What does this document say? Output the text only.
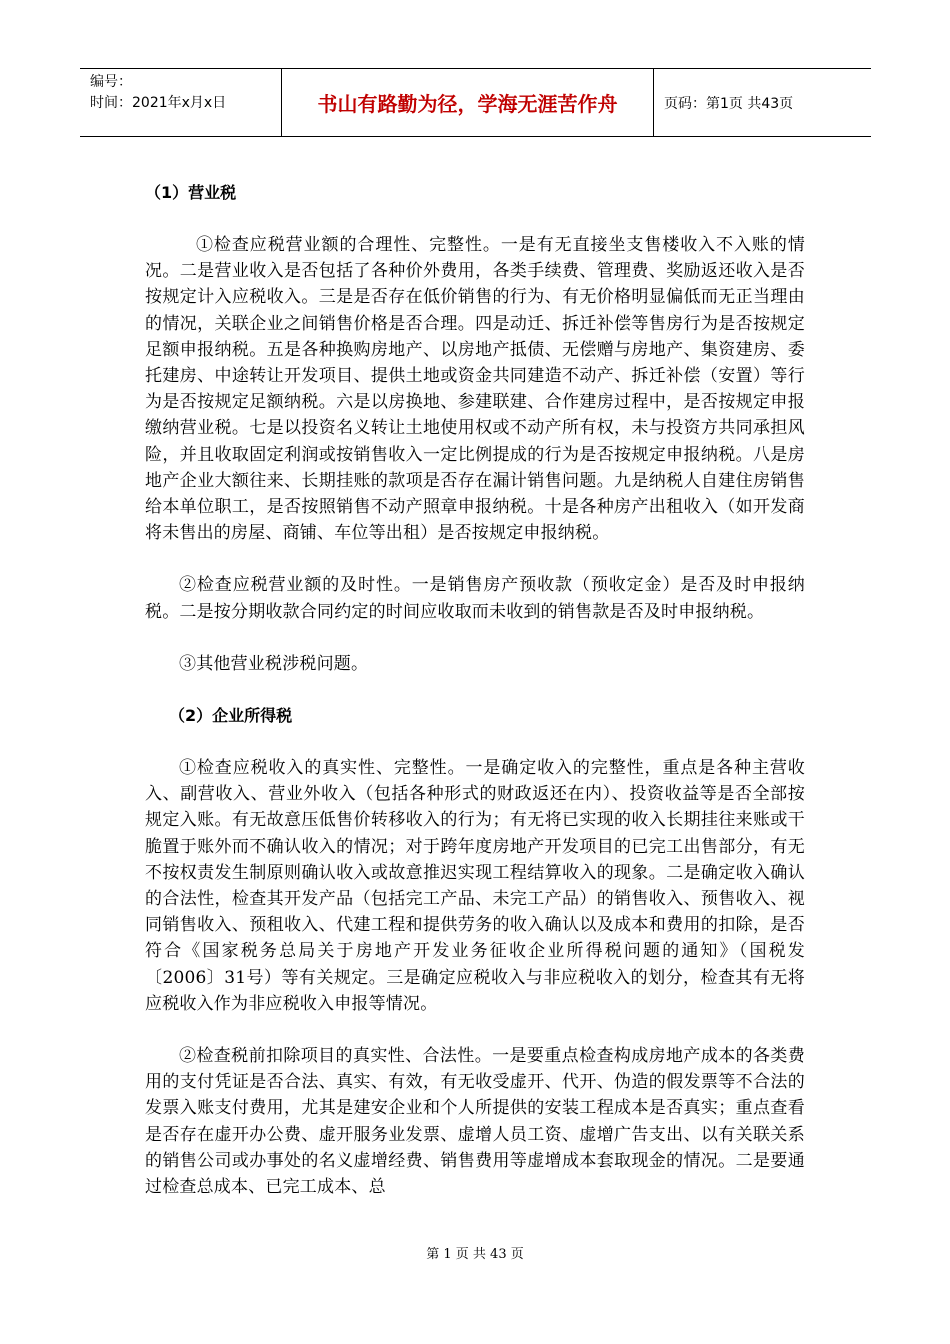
编号：
时间：2021年x月x日	书山有路勤为径，学海无涯苦作舟	页码：第1页 共43页

（1）营业税

①检查应税营业额的合理性、完整性。一是有无直接坐支售楼收入不入账的情况。二是营业收入是否包括了各种价外费用，各类手续费、管理费、奖励返还收入是否按规定计入应税收入。三是是否存在低价销售的行为、有无价格明显偏低而无正当理由的情况，关联企业之间销售价格是否合理。四是动迁、拆迁补偿等售房行为是否按规定足额申报纳税。五是各种换购房地产、以房地产抵债、无偿赠与房地产、集资建房、委托建房、中途转让开发项目、提供土地或资金共同建造不动产、拆迁补偿（安置）等行为是否按规定足额纳税。六是以房换地、参建联建、合作建房过程中，是否按规定申报缴纳营业税。七是以投资名义转让土地使用权或不动产所有权，未与投资方共同承担风险，并且收取固定利润或按销售收入一定比例提成的行为是否按规定申报纳税。八是房地产企业大额往来、长期挂账的款项是否存在漏计销售问题。九是纳税人自建住房销售给本单位职工，是否按照销售不动产照章申报纳税。十是各种房产出租收入（如开发商将未售出的房屋、商铺、车位等出租）是否按规定申报纳税。

②检查应税营业额的及时性。一是销售房产预收款（预收定金）是否及时申报纳税。二是按分期收款合同约定的时间应收取而未收到的销售款是否及时申报纳税。

③其他营业税涉税问题。

（2）企业所得税

①检查应税收入的真实性、完整性。一是确定收入的完整性，重点是各种主营收入、副营收入、营业外收入（包括各种形式的财政返还在内）、投资收益等是否全部按规定入账。有无故意压低售价转移收入的行为；有无将已实现的收入长期挂往来账或干脆置于账外而不确认收入的情况；对于跨年度房地产开发项目的已完工出售部分，有无不按权责发生制原则确认收入或故意推迟实现工程结算收入的现象。二是确定收入确认的合法性，检查其开发产品（包括完工产品、未完工产品）的销售收入、预售收入、视同销售收入、预租收入、代建工程和提供劳务的收入确认以及成本和费用的扣除，是否符合《国家税务总局关于房地产开发业务征收企业所得税问题的通知》（国税发〔2006〕31号）等有关规定。三是确定应税收入与非应税收入的划分，检查其有无将应税收入作为非应税收入申报等情况。

②检查税前扣除项目的真实性、合法性。一是要重点检查构成房地产成本的各类费用的支付凭证是否合法、真实、有效，有无收受虚开、代开、伪造的假发票等不合法的发票入账支付费用，尤其是建安企业和个人所提供的安装工程成本是否真实；重点查看是否存在虚开办公费、虚开服务业发票、虚增人员工资、虚增广告支出、以有关联关系的销售公司或办事处的名义虚增经费、销售费用等虚增成本套取现金的情况。二是要通过检查总成本、已完工成本、总

第 1 页 共 43 页
